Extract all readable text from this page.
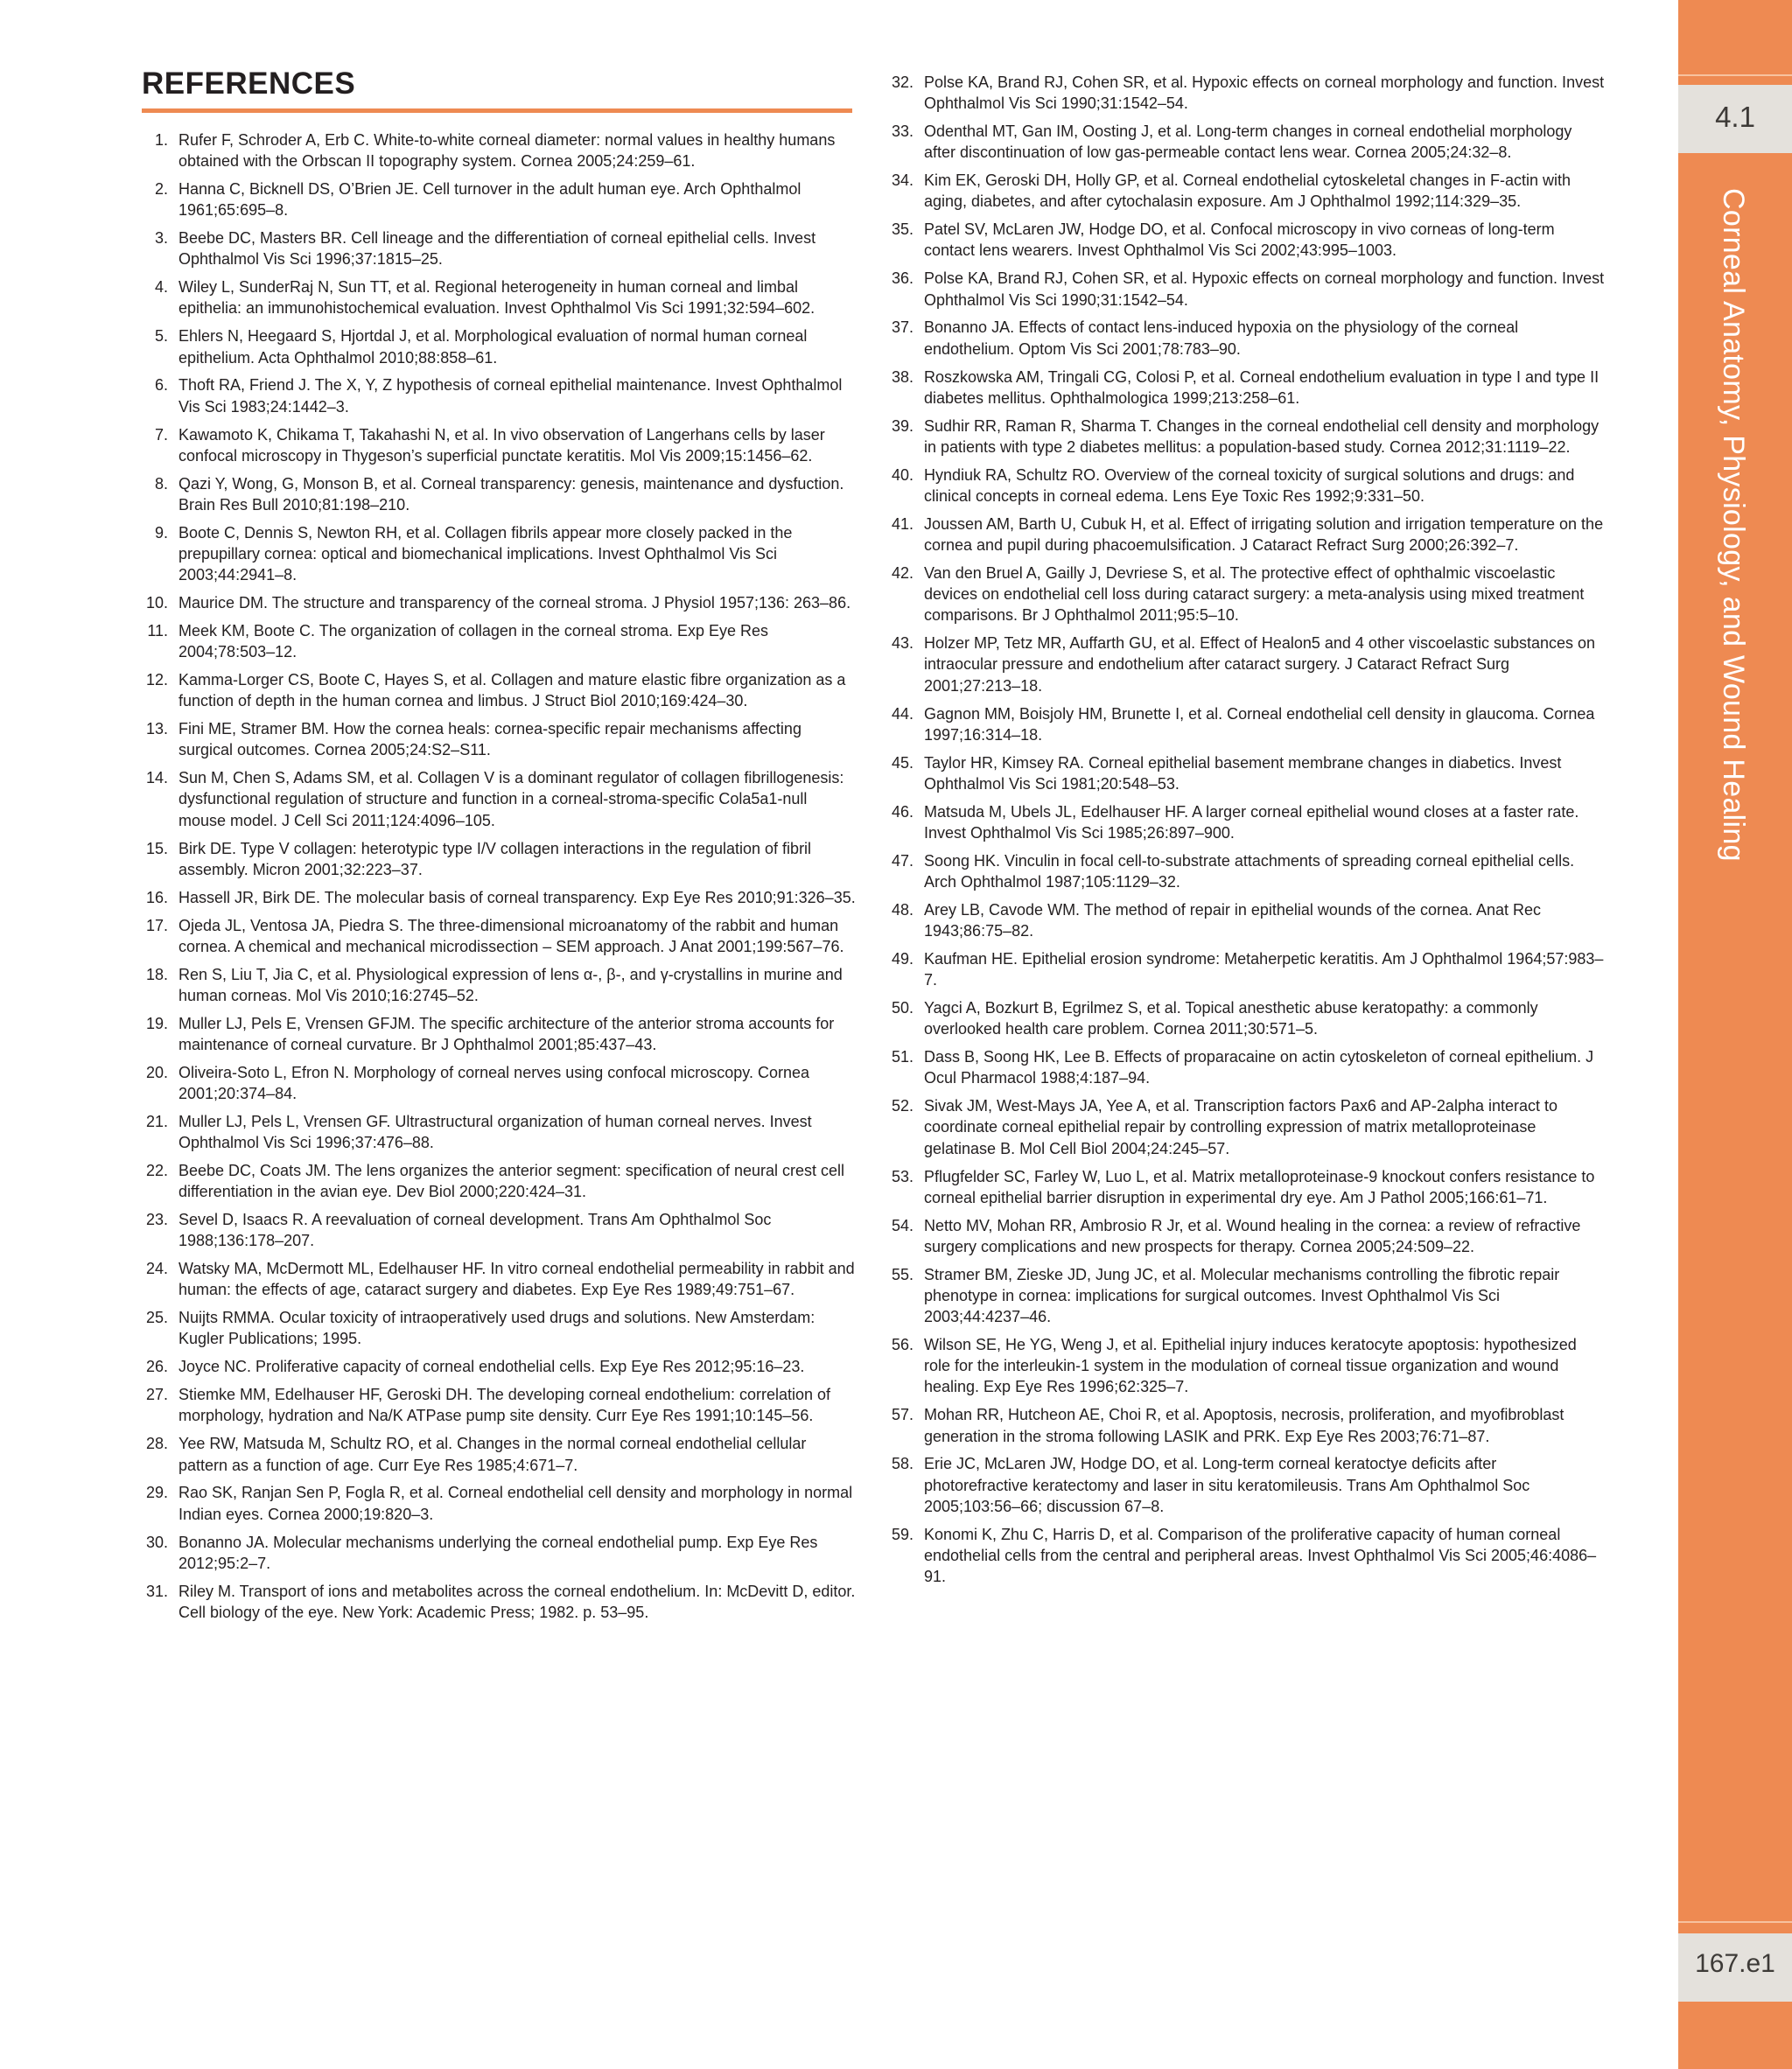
REFERENCES
1. Rufer F, Schroder A, Erb C. White-to-white corneal diameter: normal values in healthy humans obtained with the Orbscan II topography system. Cornea 2005;24:259–61.
2. Hanna C, Bicknell DS, O’Brien JE. Cell turnover in the adult human eye. Arch Ophthalmol 1961;65:695–8.
3. Beebe DC, Masters BR. Cell lineage and the differentiation of corneal epithelial cells. Invest Ophthalmol Vis Sci 1996;37:1815–25.
4. Wiley L, SunderRaj N, Sun TT, et al. Regional heterogeneity in human corneal and limbal epithelia: an immunohistochemical evaluation. Invest Ophthalmol Vis Sci 1991;32:594–602.
5. Ehlers N, Heegaard S, Hjortdal J, et al. Morphological evaluation of normal human corneal epithelium. Acta Ophthalmol 2010;88:858–61.
6. Thoft RA, Friend J. The X, Y, Z hypothesis of corneal epithelial maintenance. Invest Ophthalmol Vis Sci 1983;24:1442–3.
7. Kawamoto K, Chikama T, Takahashi N, et al. In vivo observation of Langerhans cells by laser confocal microscopy in Thygeson’s superficial punctate keratitis. Mol Vis 2009;15:1456–62.
8. Qazi Y, Wong, G, Monson B, et al. Corneal transparency: genesis, maintenance and dysfuction. Brain Res Bull 2010;81:198–210.
9. Boote C, Dennis S, Newton RH, et al. Collagen fibrils appear more closely packed in the prepupillary cornea: optical and biomechanical implications. Invest Ophthalmol Vis Sci 2003;44:2941–8.
10. Maurice DM. The structure and transparency of the corneal stroma. J Physiol 1957;136: 263–86.
11. Meek KM, Boote C. The organization of collagen in the corneal stroma. Exp Eye Res 2004;78:503–12.
12. Kamma-Lorger CS, Boote C, Hayes S, et al. Collagen and mature elastic fibre organization as a function of depth in the human cornea and limbus. J Struct Biol 2010;169:424–30.
13. Fini ME, Stramer BM. How the cornea heals: cornea-specific repair mechanisms affecting surgical outcomes. Cornea 2005;24:S2–S11.
14. Sun M, Chen S, Adams SM, et al. Collagen V is a dominant regulator of collagen fibrillogenesis: dysfunctional regulation of structure and function in a corneal-stroma-specific Cola5a1-null mouse model. J Cell Sci 2011;124:4096–105.
15. Birk DE. Type V collagen: heterotypic type I/V collagen interactions in the regulation of fibril assembly. Micron 2001;32:223–37.
16. Hassell JR, Birk DE. The molecular basis of corneal transparency. Exp Eye Res 2010;91:326–35.
17. Ojeda JL, Ventosa JA, Piedra S. The three-dimensional microanatomy of the rabbit and human cornea. A chemical and mechanical microdissection – SEM approach. J Anat 2001;199:567–76.
18. Ren S, Liu T, Jia C, et al. Physiological expression of lens α-, β-, and γ-crystallins in murine and human corneas. Mol Vis 2010;16:2745–52.
19. Muller LJ, Pels E, Vrensen GFJM. The specific architecture of the anterior stroma accounts for maintenance of corneal curvature. Br J Ophthalmol 2001;85:437–43.
20. Oliveira-Soto L, Efron N. Morphology of corneal nerves using confocal microscopy. Cornea 2001;20:374–84.
21. Muller LJ, Pels L, Vrensen GF. Ultrastructural organization of human corneal nerves. Invest Ophthalmol Vis Sci 1996;37:476–88.
22. Beebe DC, Coats JM. The lens organizes the anterior segment: specification of neural crest cell differentiation in the avian eye. Dev Biol 2000;220:424–31.
23. Sevel D, Isaacs R. A reevaluation of corneal development. Trans Am Ophthalmol Soc 1988;136:178–207.
24. Watsky MA, McDermott ML, Edelhauser HF. In vitro corneal endothelial permeability in rabbit and human: the effects of age, cataract surgery and diabetes. Exp Eye Res 1989;49:751–67.
25. Nuijts RMMA. Ocular toxicity of intraoperatively used drugs and solutions. New Amsterdam: Kugler Publications; 1995.
26. Joyce NC. Proliferative capacity of corneal endothelial cells. Exp Eye Res 2012;95:16–23.
27. Stiemke MM, Edelhauser HF, Geroski DH. The developing corneal endothelium: correlation of morphology, hydration and Na/K ATPase pump site density. Curr Eye Res 1991;10:145–56.
28. Yee RW, Matsuda M, Schultz RO, et al. Changes in the normal corneal endothelial cellular pattern as a function of age. Curr Eye Res 1985;4:671–7.
29. Rao SK, Ranjan Sen P, Fogla R, et al. Corneal endothelial cell density and morphology in normal Indian eyes. Cornea 2000;19:820–3.
30. Bonanno JA. Molecular mechanisms underlying the corneal endothelial pump. Exp Eye Res 2012;95:2–7.
31. Riley M. Transport of ions and metabolites across the corneal endothelium. In: McDevitt D, editor. Cell biology of the eye. New York: Academic Press; 1982. p. 53–95.
32. Polse KA, Brand RJ, Cohen SR, et al. Hypoxic effects on corneal morphology and function. Invest Ophthalmol Vis Sci 1990;31:1542–54.
33. Odenthal MT, Gan IM, Oosting J, et al. Long-term changes in corneal endothelial morphology after discontinuation of low gas-permeable contact lens wear. Cornea 2005;24:32–8.
34. Kim EK, Geroski DH, Holly GP, et al. Corneal endothelial cytoskeletal changes in F-actin with aging, diabetes, and after cytochalasin exposure. Am J Ophthalmol 1992;114:329–35.
35. Patel SV, McLaren JW, Hodge DO, et al. Confocal microscopy in vivo corneas of long-term contact lens wearers. Invest Ophthalmol Vis Sci 2002;43:995–1003.
36. Polse KA, Brand RJ, Cohen SR, et al. Hypoxic effects on corneal morphology and function. Invest Ophthalmol Vis Sci 1990;31:1542–54.
37. Bonanno JA. Effects of contact lens-induced hypoxia on the physiology of the corneal endothelium. Optom Vis Sci 2001;78:783–90.
38. Roszkowska AM, Tringali CG, Colosi P, et al. Corneal endothelium evaluation in type I and type II diabetes mellitus. Ophthalmologica 1999;213:258–61.
39. Sudhir RR, Raman R, Sharma T. Changes in the corneal endothelial cell density and morphology in patients with type 2 diabetes mellitus: a population-based study. Cornea 2012;31:1119–22.
40. Hyndiuk RA, Schultz RO. Overview of the corneal toxicity of surgical solutions and drugs: and clinical concepts in corneal edema. Lens Eye Toxic Res 1992;9:331–50.
41. Joussen AM, Barth U, Cubuk H, et al. Effect of irrigating solution and irrigation temperature on the cornea and pupil during phacoemulsification. J Cataract Refract Surg 2000;26:392–7.
42. Van den Bruel A, Gailly J, Devriese S, et al. The protective effect of ophthalmic viscoelastic devices on endothelial cell loss during cataract surgery: a meta-analysis using mixed treatment comparisons. Br J Ophthalmol 2011;95:5–10.
43. Holzer MP, Tetz MR, Auffarth GU, et al. Effect of Healon5 and 4 other viscoelastic substances on intraocular pressure and endothelium after cataract surgery. J Cataract Refract Surg 2001;27:213–18.
44. Gagnon MM, Boisjoly HM, Brunette I, et al. Corneal endothelial cell density in glaucoma. Cornea 1997;16:314–18.
45. Taylor HR, Kimsey RA. Corneal epithelial basement membrane changes in diabetics. Invest Ophthalmol Vis Sci 1981;20:548–53.
46. Matsuda M, Ubels JL, Edelhauser HF. A larger corneal epithelial wound closes at a faster rate. Invest Ophthalmol Vis Sci 1985;26:897–900.
47. Soong HK. Vinculin in focal cell-to-substrate attachments of spreading corneal epithelial cells. Arch Ophthalmol 1987;105:1129–32.
48. Arey LB, Cavode WM. The method of repair in epithelial wounds of the cornea. Anat Rec 1943;86:75–82.
49. Kaufman HE. Epithelial erosion syndrome: Metaherpetic keratitis. Am J Ophthalmol 1964;57:983–7.
50. Yagci A, Bozkurt B, Egrilmez S, et al. Topical anesthetic abuse keratopathy: a commonly overlooked health care problem. Cornea 2011;30:571–5.
51. Dass B, Soong HK, Lee B. Effects of proparacaine on actin cytoskeleton of corneal epithelium. J Ocul Pharmacol 1988;4:187–94.
52. Sivak JM, West-Mays JA, Yee A, et al. Transcription factors Pax6 and AP-2alpha interact to coordinate corneal epithelial repair by controlling expression of matrix metalloproteinase gelatinase B. Mol Cell Biol 2004;24:245–57.
53. Pflugfelder SC, Farley W, Luo L, et al. Matrix metalloproteinase-9 knockout confers resistance to corneal epithelial barrier disruption in experimental dry eye. Am J Pathol 2005;166:61–71.
54. Netto MV, Mohan RR, Ambrosio R Jr, et al. Wound healing in the cornea: a review of refractive surgery complications and new prospects for therapy. Cornea 2005;24:509–22.
55. Stramer BM, Zieske JD, Jung JC, et al. Molecular mechanisms controlling the fibrotic repair phenotype in cornea: implications for surgical outcomes. Invest Ophthalmol Vis Sci 2003;44:4237–46.
56. Wilson SE, He YG, Weng J, et al. Epithelial injury induces keratocyte apoptosis: hypothesized role for the interleukin-1 system in the modulation of corneal tissue organization and wound healing. Exp Eye Res 1996;62:325–7.
57. Mohan RR, Hutcheon AE, Choi R, et al. Apoptosis, necrosis, proliferation, and myofibroblast generation in the stroma following LASIK and PRK. Exp Eye Res 2003;76:71–87.
58. Erie JC, McLaren JW, Hodge DO, et al. Long-term corneal keratoctye deficits after photorefractive keratectomy and laser in situ keratomileusis. Trans Am Ophthalmol Soc 2005;103:56–66; discussion 67–8.
59. Konomi K, Zhu C, Harris D, et al. Comparison of the proliferative capacity of human corneal endothelial cells from the central and peripheral areas. Invest Ophthalmol Vis Sci 2005;46:4086–91.
4.1
Corneal Anatomy, Physiology, and Wound Healing
167.e1
